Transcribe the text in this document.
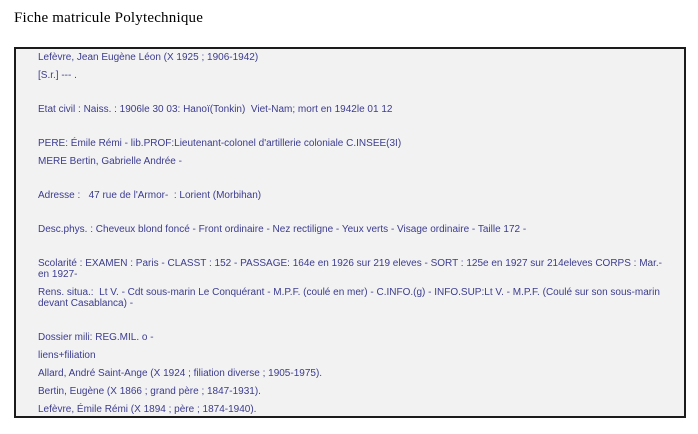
Fiche matricule Polytechnique

Lefèvre, Jean Eugène Léon (X 1925 ; 1906-1942)

[S.r.] --- .

Etat civil : Naiss. : 1906le 30 03: Hanoï(Tonkin)  Viet-Nam; mort en 1942le 01 12

PERE: Émile Rémi - lib.PROF:Lieutenant-colonel d'artillerie coloniale C.INSEE(3I)

MERE Bertin, Gabrielle Andrée -

Adresse :   47 rue de l'Armor-  : Lorient (Morbihan)

Desc.phys. : Cheveux blond foncé - Front ordinaire - Nez rectiligne - Yeux verts - Visage ordinaire - Taille 172 -

Scolarité : EXAMEN : Paris - CLASST : 152 - PASSAGE: 164e en 1926 sur 219 eleves - SORT : 125e en 1927 sur 214eleves CORPS : Mar.- en 1927-

Rens. situa.:  Lt V. - Cdt sous-marin Le Conquérant - M.P.F. (coulé en mer) - C.INFO.(g) - INFO.SUP:Lt V. - M.P.F. (Coulé sur son sous-marin devant Casablanca) -

Dossier mili: REG.MIL. o -

liens+filiation

Allard, André Saint-Ange (X 1924 ; filiation diverse ; 1905-1975).

Bertin, Eugène (X 1866 ; grand père ; 1847-1931).

Lefèvre, Émile Rémi (X 1894 ; père ; 1874-1940).
